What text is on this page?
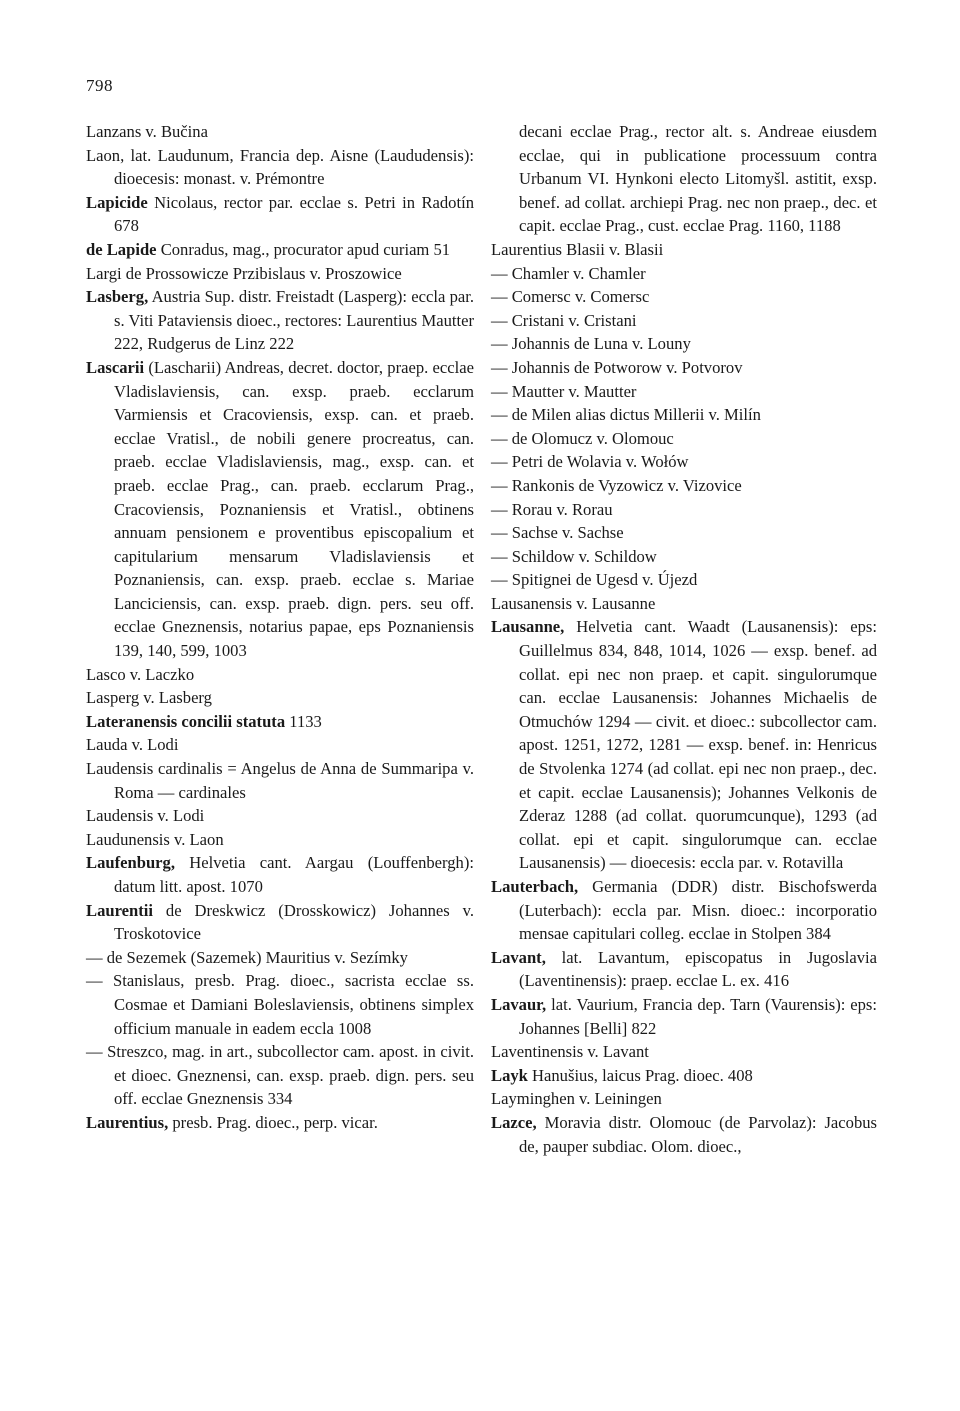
798
Lanzans v. Bučina
Laon, lat. Laudunum, Francia dep. Aisne (Laududensis): dioecesis: monast. v. Prémontre
Lapicide Nicolaus, rector par. ecclae s. Petri in Radotín 678
de Lapide Conradus, mag., procurator apud curiam 51
Largi de Prossowicze Przibislaus v. Proszowice
Lasberg, Austria Sup. distr. Freistadt (Lasperg): eccla par. s. Viti Pataviensis dioec., rectores: Laurentius Mautter 222, Rudgerus de Linz 222
Lascarii (Lascharii) Andreas, decret. doctor, praep. ecclae Vladislaviensis, can. exsp. praeb. ecclarum Varmiensis et Cracoviensis, exsp. can. et praeb. ecclae Vratisl., de nobili genere procreatus, can. praeb. ecclae Vladislaviensis, mag., exsp. can. et praeb. ecclae Prag., can. praeb. ecclarum Prag., Cracoviensis, Poznaniensis et Vratisl., obtinens annuam pensionem e proventibus episcopalium et capitularium mensarum Vladislaviensis et Poznaniensis, can. exsp. praeb. ecclae s. Mariae Lanciciensis, can. exsp. praeb. dign. pers. seu off. ecclae Gneznensis, notarius papae, eps Poznaniensis 139, 140, 599, 1003
Lasco v. Laczko
Lasperg v. Lasberg
Lateranensis concilii statuta 1133
Lauda v. Lodi
Laudensis cardinalis = Angelus de Anna de Summaripa v. Roma — cardinales
Laudensis v. Lodi
Laudunensis v. Laon
Laufenburg, Helvetia cant. Aargau (Louffenbergh): datum litt. apost. 1070
Laurentii de Dreskwicz (Drosskowicz) Johannes v. Troskotovice
— de Sezemek (Sazemek) Mauritius v. Sezímky
— Stanislaus, presb. Prag. dioec., sacrista ecclae ss. Cosmae et Damiani Boleslaviensis, obtinens simplex officium manuale in eadem eccla 1008
— Streszco, mag. in art., subcollector cam. apost. in civit. et dioec. Gneznensi, can. exsp. praeb. dign. pers. seu off. ecclae Gneznensis 334
Laurentius, presb. Prag. dioec., perp. vicar.
decani ecclae Prag., rector alt. s. Andreae eiusdem ecclae, qui in publicatione processuum contra Urbanum VI. Hynkoni electo Litomyšl. astitit, exsp. benef. ad collat. archiepi Prag. nec non praep., dec. et capit. ecclae Prag., cust. ecclae Prag. 1160, 1188
Laurentius Blasii v. Blasii
— Chamler v. Chamler
— Comersc v. Comersc
— Cristani v. Cristani
— Johannis de Luna v. Louny
— Johannis de Potworow v. Potvorov
— Mautter v. Mautter
— de Milen alias dictus Millerii v. Milín
— de Olomucz v. Olomouc
— Petri de Wolavia v. Wołów
— Rankonis de Vyzowicz v. Vizovice
— Rorau v. Rorau
— Sachse v. Sachse
— Schildow v. Schildow
— Spitignei de Ugesd v. Újezd
Lausanensis v. Lausanne
Lausanne, Helvetia cant. Waadt (Lausanensis): eps: Guillelmus 834, 848, 1014, 1026 — exsp. benef. ad collat. epi nec non praep. et capit. singulorumque can. ecclae Lausanensis: Johannes Michaelis de Otmuchów 1294 — civit. et dioec.: subcollector cam. apost. 1251, 1272, 1281 — exsp. benef. in: Henricus de Stvolenka 1274 (ad collat. epi nec non praep., dec. et capit. ecclae Lausanensis); Johannes Velkonis de Zderaz 1288 (ad collat. quorumcunque), 1293 (ad collat. epi et capit. singulorumque can. ecclae Lausanensis) — dioecesis: eccla par. v. Rotavilla
Lauterbach, Germania (DDR) distr. Bischofswerda (Luterbach): eccla par. Misn. dioec.: incorporatio mensae capitulari colleg. ecclae in Stolpen 384
Lavant, lat. Lavantum, episcopatus in Jugoslavia (Laventinensis): praep. ecclae L. ex. 416
Lavaur, lat. Vaurium, Francia dep. Tarn (Vaurensis): eps: Johannes [Belli] 822
Laventinensis v. Lavant
Layk Hanušius, laicus Prag. dioec. 408
Layminghen v. Leiningen
Lazce, Moravia distr. Olomouc (de Parvolaz): Jacobus de, pauper subdiac. Olom. dioec.,
